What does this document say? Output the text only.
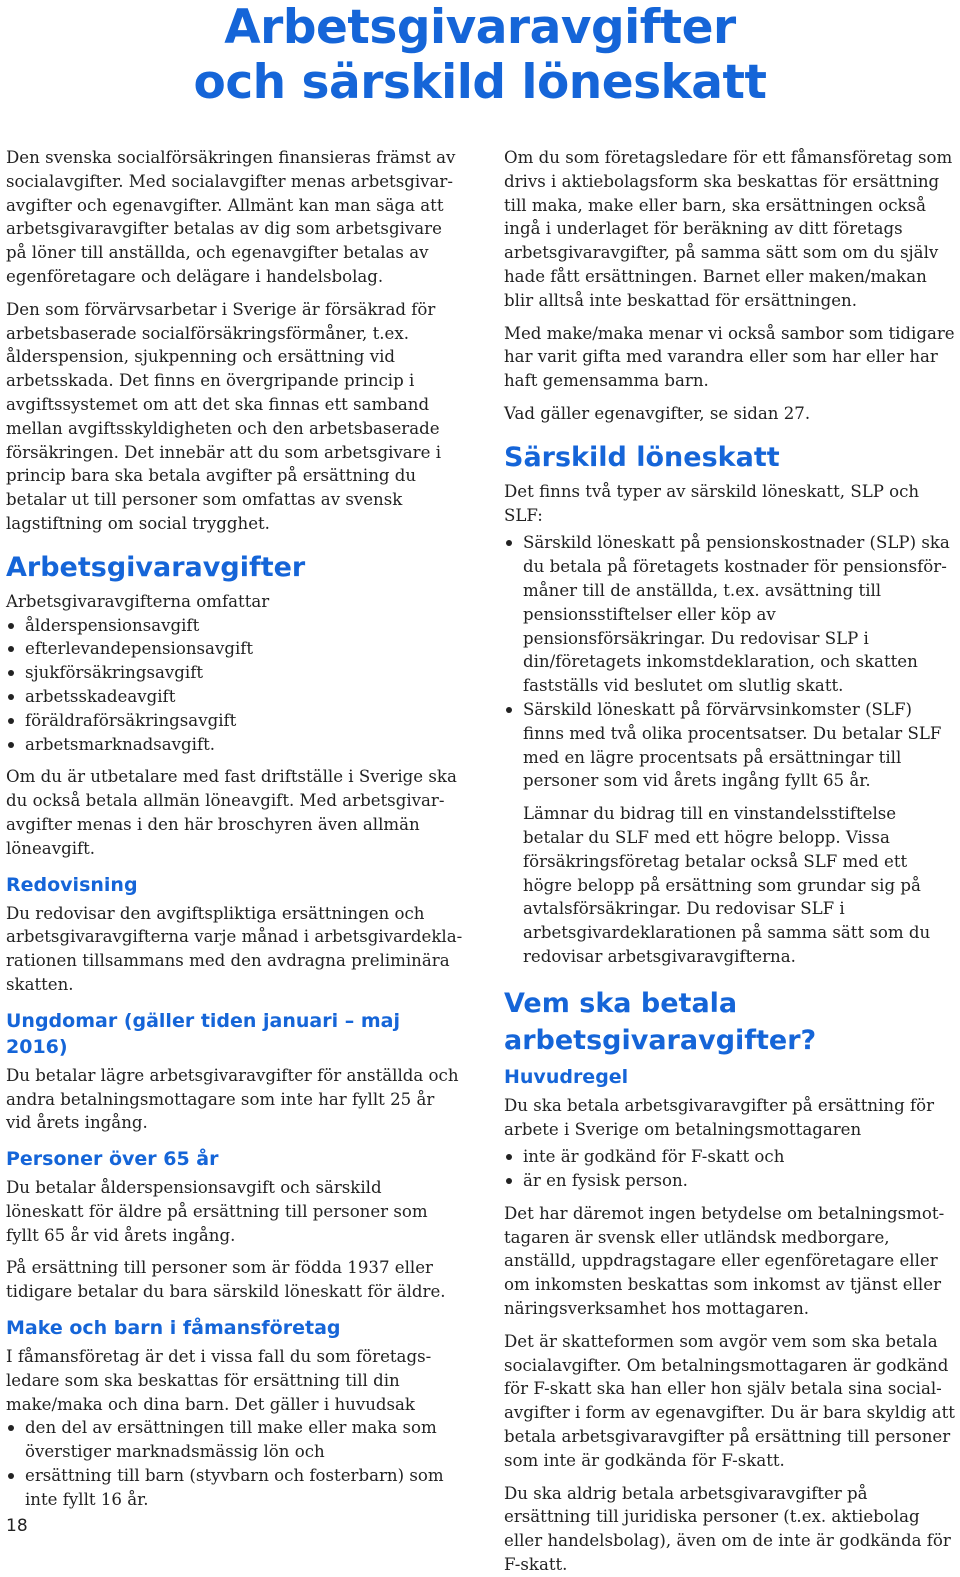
Arbetsgivaravgifter
och särskild löneskatt

Den svenska socialförsäkringen finansieras främst av socialavgifter. Med socialavgifter menas arbetsgivaravgifter och egenavgifter. Allmänt kan man säga att arbetsgivaravgifter betalas av dig som arbetsgivare på löner till anställda, och egenavgifter betalas av egenföretagare och delägare i handelsbolag.

Den som förvärvsarbetar i Sverige är försäkrad för arbetsbaserade socialförsäkringsförmåner, t.ex. ålderspension, sjukpenning och ersättning vid arbetsskada. Det finns en övergripande princip i avgiftssystemet om att det ska finnas ett samband mellan avgiftsskyldigheten och den arbetsbaserade försäkringen. Det innebär att du som arbetsgivare i princip bara ska betala avgifter på ersättning du betalar ut till personer som omfattas av svensk lagstiftning om social trygghet.

Arbetsgivaravgifter

Arbetsgivaravgifterna omfattar

ålderspensionsavgift
efterlevandepensionsavgift
sjukförsäkringsavgift
arbetsskadeavgift
föräldraförsäkringsavgift
arbetsmarknadsavgift.

Om du är utbetalare med fast driftställe i Sverige ska du också betala allmän löneavgift. Med arbetsgivaravgifter menas i den här broschyren även allmän löneavgift.

Redovisning

Du redovisar den avgiftspliktiga ersättningen och arbetsgivaravgifterna varje månad i arbetsgivardeklarationen tillsammans med den avdragna preliminära skatten.

Ungdomar (gäller tiden januari – maj 2016)

Du betalar lägre arbetsgivaravgifter för anställda och andra betalningsmottagare som inte har fyllt 25 år vid årets ingång.

Personer över 65 år

Du betalar ålderspensionsavgift och särskild löneskatt för äldre på ersättning till personer som fyllt 65 år vid årets ingång.

På ersättning till personer som är födda 1937 eller tidigare betalar du bara särskild löneskatt för äldre.

Make och barn i fåmansföretag

I fåmansföretag är det i vissa fall du som företagsledare som ska beskattas för ersättning till din make/maka och dina barn. Det gäller i huvudsak

den del av ersättningen till make eller maka som överstiger marknadsmässig lön och
ersättning till barn (styvbarn och fosterbarn) som inte fyllt 16 år.

Om du som företagsledare för ett fåmansföretag som drivs i aktiebolagsform ska beskattas för ersättning till maka, make eller barn, ska ersättningen också ingå i underlaget för beräkning av ditt företags arbetsgivaravgifter, på samma sätt som om du själv hade fått ersättningen. Barnet eller maken/makan blir alltså inte beskattad för ersättningen.

Med make/maka menar vi också sambor som tidigare har varit gifta med varandra eller som har eller har haft gemensamma barn.

Vad gäller egenavgifter, se sidan 27.

Särskild löneskatt

Det finns två typer av särskild löneskatt, SLP och SLF:

Särskild löneskatt på pensionskostnader (SLP) ska du betala på företagets kostnader för pensionsförmåner till de anställda, t.ex. avsättning till pensionsstiftelser eller köp av pensionsförsäkringar. Du redovisar SLP i din/företagets inkomstdeklaration, och skatten fastställs vid beslutet om slutlig skatt.
Särskild löneskatt på förvärvsinkomster (SLF) finns med två olika procentsatser. Du betalar SLF med en lägre procentsats på ersättningar till personer som vid årets ingång fyllt 65 år.

Lämnar du bidrag till en vinstandelsstiftelse betalar du SLF med ett högre belopp. Vissa försäkringsföretag betalar också SLF med ett högre belopp på ersättning som grundar sig på avtalsförsäkringar. Du redovisar SLF i arbetsgivardeklarationen på samma sätt som du redovisar arbetsgivaravgifterna.

Vem ska betala arbetsgivaravgifter?
Huvudregel

Du ska betala arbetsgivaravgifter på ersättning för arbete i Sverige om betalningsmottagaren

inte är godkänd för F-skatt och
är en fysisk person.

Det har däremot ingen betydelse om betalningsmottagaren är svensk eller utländsk medborgare, anställd, uppdragstagare eller egenföretagare eller om inkomsten beskattas som inkomst av tjänst eller näringsverksamhet hos mottagaren.

Det är skatteformen som avgör vem som ska betala socialavgifter. Om betalningsmottagaren är godkänd för F-skatt ska han eller hon själv betala sina socialavgifter i form av egenavgifter. Du är bara skyldig att betala arbetsgivaravgifter på ersättning till personer som inte är godkända för F-skatt.

Du ska aldrig betala arbetsgivaravgifter på ersättning till juridiska personer (t.ex. aktiebolag eller handelsbolag), även om de inte är godkända för F-skatt.

18
